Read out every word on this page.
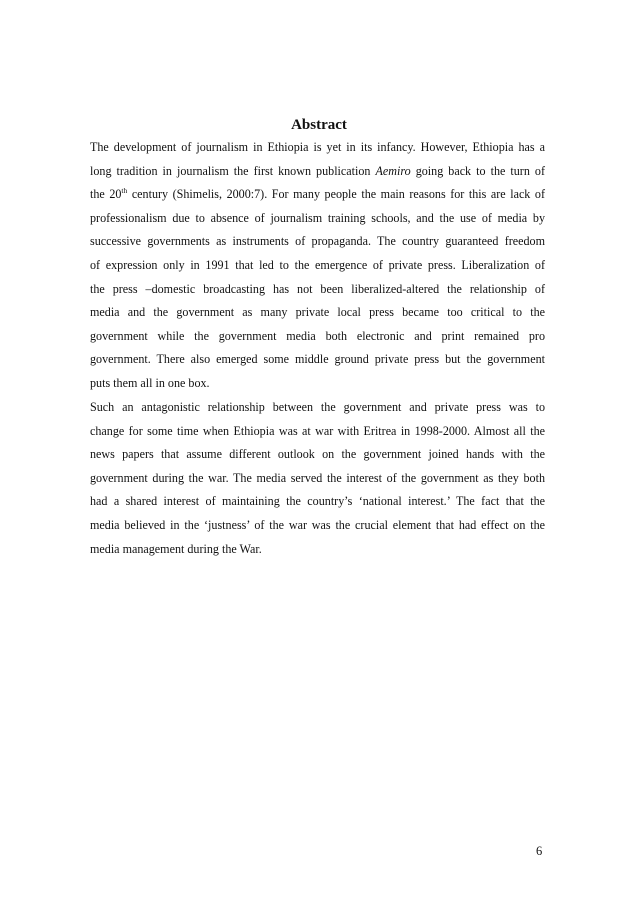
Abstract
The development of journalism in Ethiopia is yet in its infancy. However, Ethiopia has a
long tradition in journalism the first known publication Aemiro going back to the turn of
the 20th century (Shimelis, 2000:7). For many people the main reasons for this are lack of
professionalism due to absence of journalism training schools, and the use of media by
successive governments as instruments of propaganda. The country guaranteed freedom
of expression only in 1991 that led to the emergence of private press. Liberalization of
the press –domestic broadcasting has not been liberalized-altered the relationship of
media and the government as many private local press became too critical to the
government while the government media both electronic and print remained pro
government. There also emerged some middle ground private press but the government
puts them all in one box.
Such an antagonistic relationship between the government and private press was to
change for some time when Ethiopia was at war with Eritrea in 1998-2000. Almost all the
news papers that assume different outlook on the government joined hands with the
government during the war. The media served the interest of the government as they both
had a shared interest of maintaining the country’s ‘national interest.’ The fact that the
media believed in the ‘justness’ of the war was the crucial element that had effect on the
media management during the War.
6
